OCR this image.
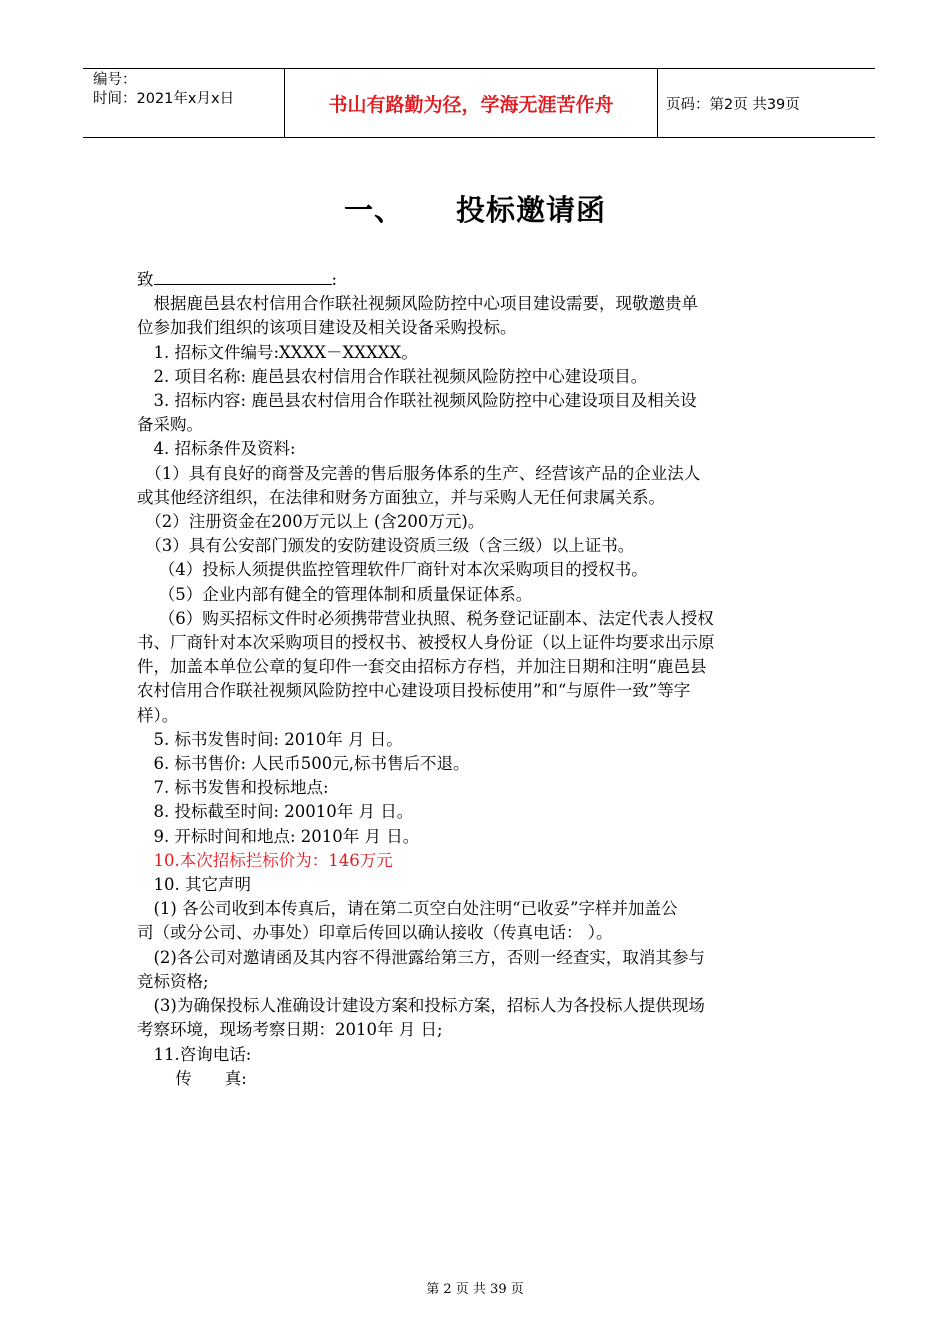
编号：
时间：2021年x月x日	书山有路勤为径，学海无涯苦作舟	页码：第2页 共39页
一、 投标邀请函

致	:

　根据鹿邑县农村信用合作联社视频风险防控中心项目建设需要，现敬邀贵单

位参加我们组织的该项目建设及相关设备采购投标。

　1. 招标文件编号:XXXX－XXXXX。

　2. 项目名称: 鹿邑县农村信用合作联社视频风险防控中心建设项目。

　3. 招标内容: 鹿邑县农村信用合作联社视频风险防控中心建设项目及相关设

备采购。

　4. 招标条件及资料:

　（1）具有良好的商誉及完善的售后服务体系的生产、经营该产品的企业法人

或其他经济组织，在法律和财务方面独立，并与采购人无任何隶属关系。

　（2）注册资金在200万元以上 (含200万元)。

　（3）具有公安部门颁发的安防建设资质三级（含三级）以上证书。

　 （4）投标人须提供监控管理软件厂商针对本次采购项目的授权书。

　 （5）企业内部有健全的管理体制和质量保证体系。

　 （6）购买招标文件时必须携带营业执照、税务登记证副本、法定代表人授权

书、厂商针对本次采购项目的授权书、被授权人身份证（以上证件均要求出示原

件，加盖本单位公章的复印件一套交由招标方存档，并加注日期和注明“鹿邑县

农村信用合作联社视频风险防控中心建设项目投标使用”和“与原件一致”等字

样）。

　5. 标书发售时间: 2010年 月 日。

　6. 标书售价: 人民币500元,标书售后不退。

　7. 标书发售和投标地点:

　8. 投标截至时间: 20010年 月 日。

　9. 开标时间和地点: 2010年 月 日。

　10.本次招标拦标价为：146万元

　10. 其它声明

　(1) 各公司收到本传真后，请在第二页空白处注明“已收妥”字样并加盖公

司（或分公司、办事处）印章后传回以确认接收（传真电话： ）。

　(2)各公司对邀请函及其内容不得泄露给第三方，否则一经查实，取消其参与

竞标资格;

　(3)为确保投标人准确设计建设方案和投标方案，招标人为各投标人提供现场

考察环境，现场考察日期：2010年 月 日;

　11.咨询电话:

　　 传　　真:

第 2 页 共 39 页
